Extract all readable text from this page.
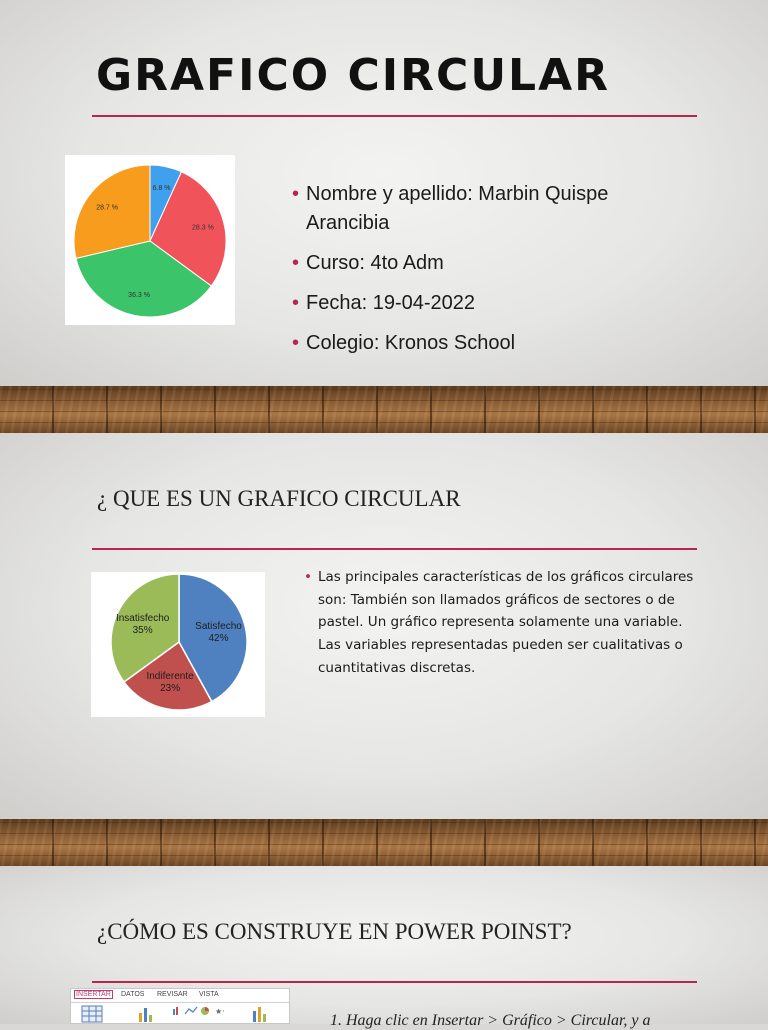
GRAFICO CIRCULAR
6.8 %
28.3 %
36.3 %
28.7 %
• Nombre y apellido: Marbin Quispe Arancibia
• Curso: 4to Adm
• Fecha: 19-04-2022
• Colegio: Kronos School
¿ QUE ES UN GRAFICO CIRCULAR
Satisfecho
42%
Indiferente
23%
Insatisfecho
35%
• Las principales características de los gráficos circulares son: También son llamados gráficos de sectores o de pastel. Un gráfico representa solamente una variable. Las variables representadas pueden ser cualitativas o cuantitativas discretas.
¿CÓMO ES CONSTRUYE EN POWER POINST?
INSERTAR DATOS REVISAR VISTA
★·
1. Haga clic en Insertar > Gráfico > Circular, y a
